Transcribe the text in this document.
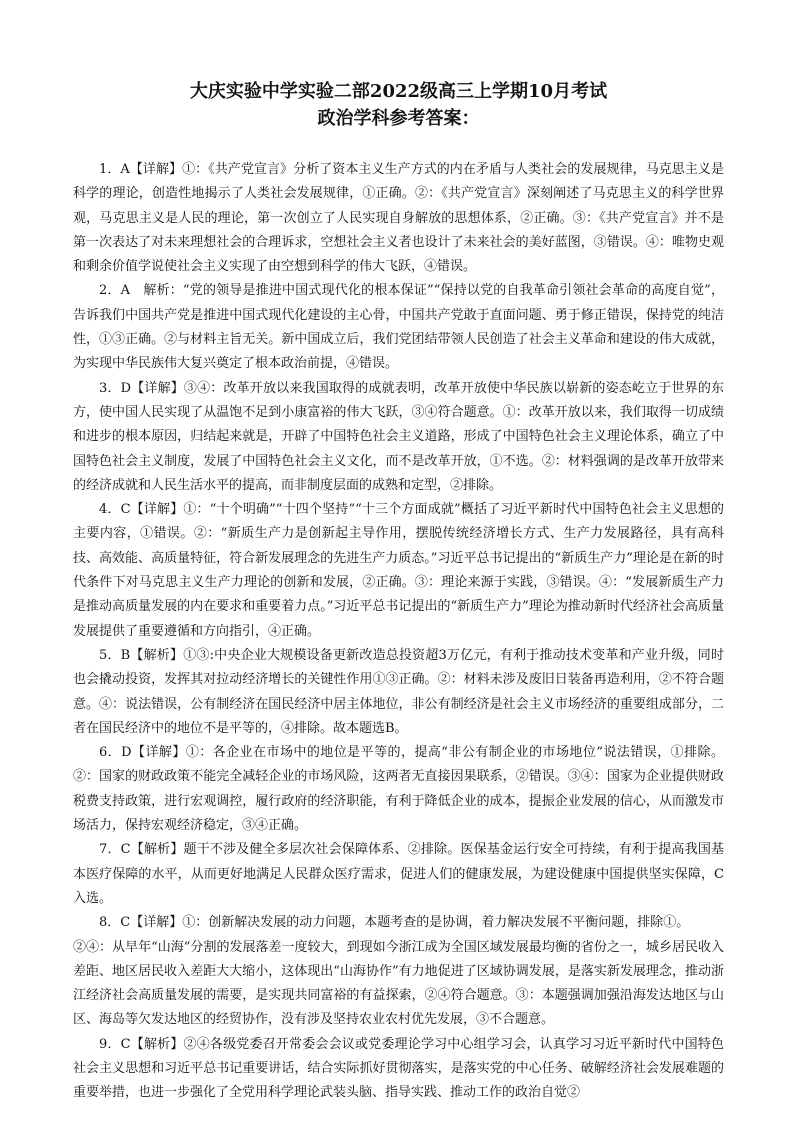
大庆实验中学实验二部2022级高三上学期10月考试
政治学科参考答案：

1．A【详解】①：《共产党宣言》分析了资本主义生产方式的内在矛盾与人类社会的发展规律，马克思主义是科学的理论，创造性地揭示了人类社会发展规律，①正确。②：《共产党宣言》深刻阐述了马克思主义的科学世界观，马克思主义是人民的理论，第一次创立了人民实现自身解放的思想体系，②正确。③：《共产党宣言》并不是第一次表达了对未来理想社会的合理诉求，空想社会主义者也设计了未来社会的美好蓝图，③错误。④：唯物史观和剩余价值学说使社会主义实现了由空想到科学的伟大飞跃，④错误。

2．A　解析：“党的领导是推进中国式现代化的根本保证”“保持以党的自我革命引领社会革命的高度自觉”，告诉我们中国共产党是推进中国式现代化建设的主心骨，中国共产党敢于直面问题、勇于修正错误，保持党的纯洁性，①③正确。②与材料主旨无关。新中国成立后，我们党团结带领人民创造了社会主义革命和建设的伟大成就，为实现中华民族伟大复兴奠定了根本政治前提，④错误。

3．D【详解】③④：改革开放以来我国取得的成就表明，改革开放使中华民族以崭新的姿态屹立于世界的东方，使中国人民实现了从温饱不足到小康富裕的伟大飞跃，③④符合题意。①：改革开放以来，我们取得一切成绩和进步的根本原因，归结起来就是，开辟了中国特色社会主义道路，形成了中国特色社会主义理论体系，确立了中国特色社会主义制度，发展了中国特色社会主义文化，而不是改革开放，①不选。②：材料强调的是改革开放带来的经济成就和人民生活水平的提高，而非制度层面的成熟和定型，②排除。

4．C【详解】①：“十个明确”“十四个坚持”“十三个方面成就”概括了习近平新时代中国特色社会主义思想的主要内容，①错误。②：“新质生产力是创新起主导作用，摆脱传统经济增长方式、生产力发展路径，具有高科技、高效能、高质量特征，符合新发展理念的先进生产力质态。”习近平总书记提出的“新质生产力”理论是在新的时代条件下对马克思主义生产力理论的创新和发展，②正确。③：理论来源于实践，③错误。④：“发展新质生产力是推动高质量发展的内在要求和重要着力点。”习近平总书记提出的“新质生产力”理论为推动新时代经济社会高质量发展提供了重要遵循和方向指引，④正确。

5．B【解析】①③:中央企业大规模设备更新改造总投资超3万亿元，有利于推动技术变革和产业升级，同时也会撬动投资，发挥其对拉动经济增长的关键性作用①③正确。②：材料未涉及废旧日装备再造利用，②不符合题意。④：说法错误，公有制经济在国民经济中居主体地位，非公有制经济是社会主义市场经济的重要组成部分，二者在国民经济中的地位不是平等的，④排除。故本题选B。

6．D【详解】①：各企业在市场中的地位是平等的，提高“非公有制企业的市场地位”说法错误，①排除。②：国家的财政政策不能完全减轻企业的市场风险，这两者无直接因果联系，②错误。③④：国家为企业提供财政税费支持政策，进行宏观调控，履行政府的经济职能，有利于降低企业的成本，提振企业发展的信心，从而激发市场活力，保持宏观经济稳定，③④正确。

7．C【解析】题干不涉及健全多层次社会保障体系、②排除。医保基金运行安全可持续，有利于提高我国基本医疗保障的水平，从而更好地满足人民群众医疗需求，促进人们的健康发展，为建设健康中国提供坚实保障，C入选。

8．C【详解】①：创新解决发展的动力问题，本题考查的是协调，着力解决发展不平衡问题，排除①。

②④：从早年“山海”分割的发展落差一度较大，到现如今浙江成为全国区域发展最均衡的省份之一，城乡居民收入差距、地区居民收入差距大大缩小，这体现出“山海协作”有力地促进了区域协调发展，是落实新发展理念，推动浙江经济社会高质量发展的需要，是实现共同富裕的有益探索，②④符合题意。③：本题强调加强沿海发达地区与山区、海岛等欠发达地区的经贸协作，没有涉及坚持农业农村优先发展，③不合题意。

9．C【解析】②④各级党委召开常委会会议或党委理论学习中心组学习会，认真学习习近平新时代中国特色社会主义思想和习近平总书记重要讲话，结合实际抓好贯彻落实，是落实党的中心任务、破解经济社会发展难题的重要举措，也进一步强化了全党用科学理论武装头脑、指导实践、推动工作的政治自觉②
